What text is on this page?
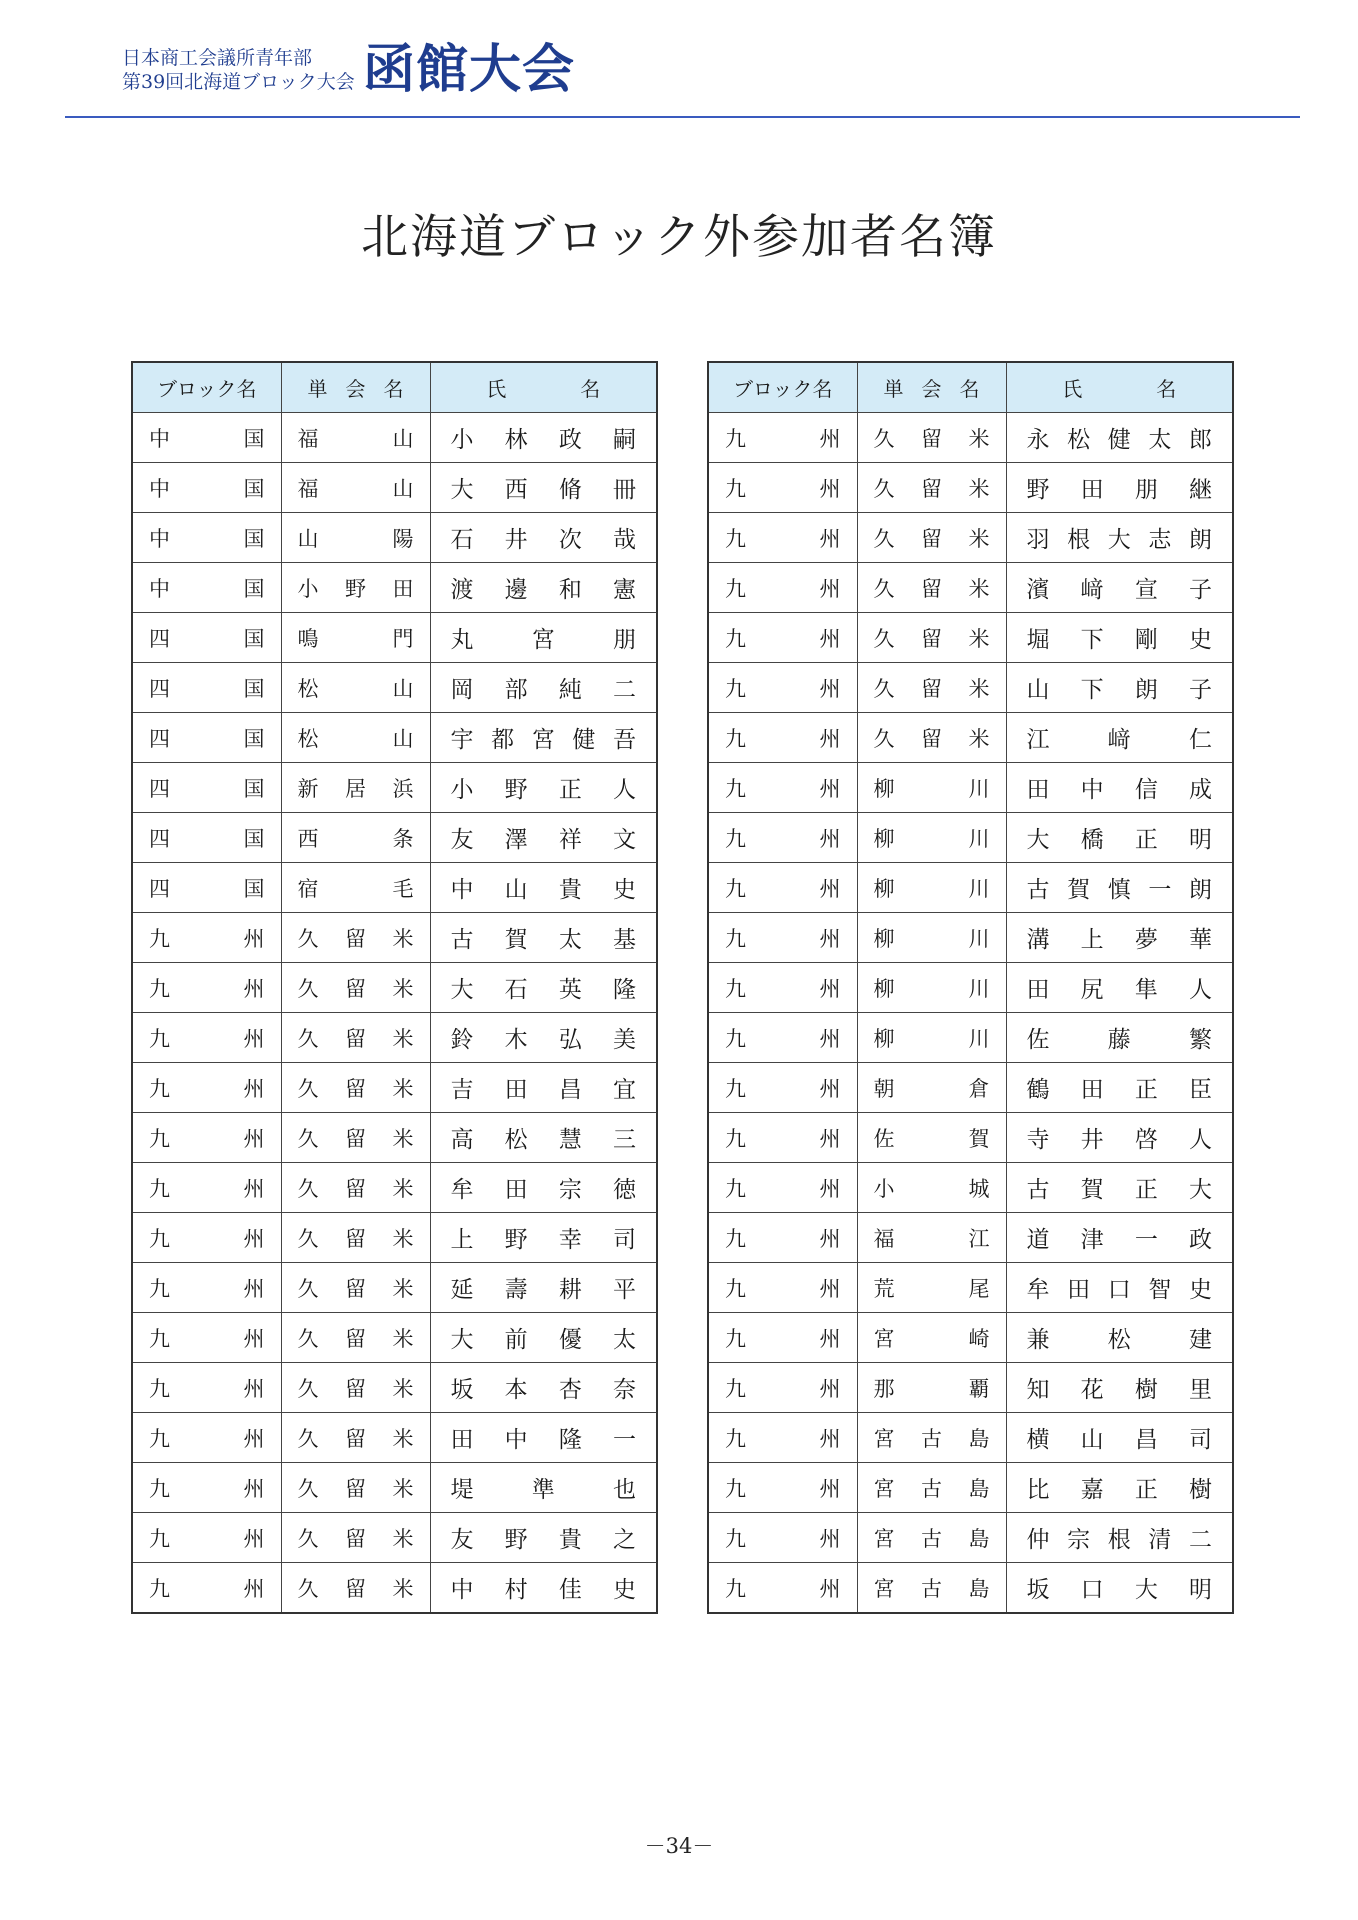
日本商工会議所青年部
第39回北海道ブロック大会 函館大会
北海道ブロック外参加者名簿
ブロック名	単 会 名	氏 名

中 国	福 山	小 林 政 嗣

中 国	福 山	大 西 脩 冊

中 国	山 陽	石 井 次 哉

中 国	小 野 田	渡 邊 和 憲

四 国	鳴 門	丸 宮 朋

四 国	松 山	岡 部 純 二

四 国	松 山	宇 都 宮 健 吾

四 国	新 居 浜	小 野 正 人

四 国	西 条	友 澤 祥 文

四 国	宿 毛	中 山 貴 史

九 州	久 留 米	古 賀 太 基

九 州	久 留 米	大 石 英 隆

九 州	久 留 米	鈴 木 弘 美

九 州	久 留 米	吉 田 昌 宜

九 州	久 留 米	高 松 慧 三

九 州	久 留 米	牟 田 宗 徳

九 州	久 留 米	上 野 幸 司

九 州	久 留 米	延 壽 耕 平

九 州	久 留 米	大 前 優 太

九 州	久 留 米	坂 本 杏 奈

九 州	久 留 米	田 中 隆 一

九 州	久 留 米	堤 準 也

九 州	久 留 米	友 野 貴 之

九 州	久 留 米	中 村 佳 史
ブロック名	単 会 名	氏 名

九 州	久 留 米	永 松 健 太 郎

九 州	久 留 米	野 田 朋 継

九 州	久 留 米	羽 根 大 志 朗

九 州	久 留 米	濱 﨑 宣 子

九 州	久 留 米	堀 下 剛 史

九 州	久 留 米	山 下 朗 子

九 州	久 留 米	江 﨑 仁

九 州	柳 川	田 中 信 成

九 州	柳 川	大 橋 正 明

九 州	柳 川	古 賀 慎 一 朗

九 州	柳 川	溝 上 夢 華

九 州	柳 川	田 尻 隼 人

九 州	柳 川	佐 藤 繁

九 州	朝 倉	鶴 田 正 臣

九 州	佐 賀	寺 井 啓 人

九 州	小 城	古 賀 正 大

九 州	福 江	道 津 一 政

九 州	荒 尾	牟 田 口 智 史

九 州	宮 崎	兼 松 建

九 州	那 覇	知 花 樹 里

九 州	宮 古 島	横 山 昌 司

九 州	宮 古 島	比 嘉 正 樹

九 州	宮 古 島	仲 宗 根 清 二

九 州	宮 古 島	坂 口 大 明
－34－
